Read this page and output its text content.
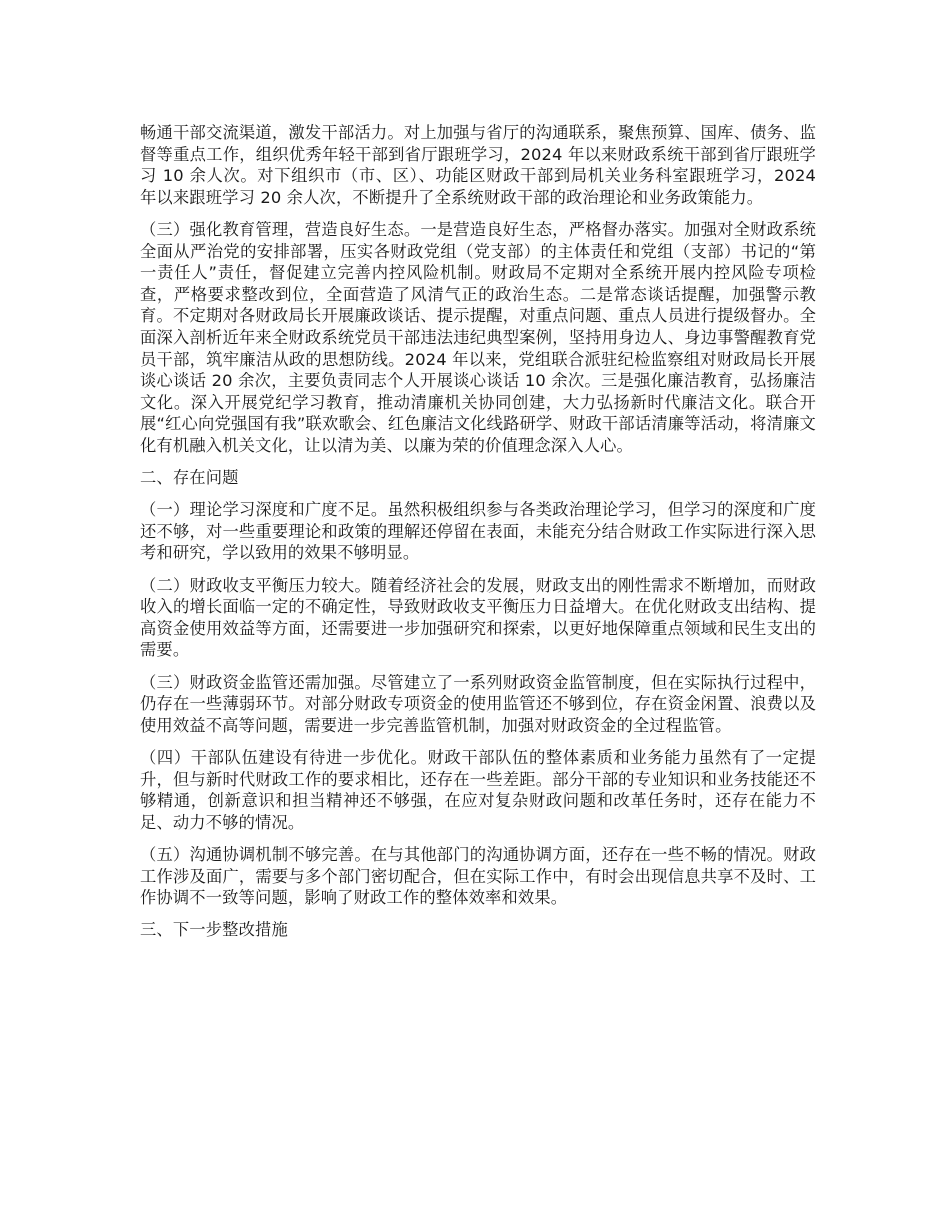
畅通干部交流渠道，激发干部活力。对上加强与省厅的沟通联系，聚焦预算、国库、债务、监督等重点工作，组织优秀年轻干部到省厅跟班学习，2024 年以来财政系统干部到省厅跟班学习 10 余人次。对下组织市（市、区）、功能区财政干部到局机关业务科室跟班学习，2024 年以来跟班学习 20 余人次，不断提升了全系统财政干部的政治理论和业务政策能力。

（三）强化教育管理，营造良好生态。一是营造良好生态，严格督办落实。加强对全财政系统全面从严治党的安排部署，压实各财政党组（党支部）的主体责任和党组（支部）书记的“第一责任人”责任，督促建立完善内控风险机制。财政局不定期对全系统开展内控风险专项检查，严格要求整改到位，全面营造了风清气正的政治生态。二是常态谈话提醒，加强警示教育。不定期对各财政局长开展廉政谈话、提示提醒，对重点问题、重点人员进行提级督办。全面深入剖析近年来全财政系统党员干部违法违纪典型案例，坚持用身边人、身边事警醒教育党员干部，筑牢廉洁从政的思想防线。2024 年以来，党组联合派驻纪检监察组对财政局长开展谈心谈话 20 余次，主要负责同志个人开展谈心谈话 10 余次。三是强化廉洁教育，弘扬廉洁文化。深入开展党纪学习教育，推动清廉机关协同创建，大力弘扬新时代廉洁文化。联合开展“红心向党强国有我”联欢歌会、红色廉洁文化线路研学、财政干部话清廉等活动，将清廉文化有机融入机关文化，让以清为美、以廉为荣的价值理念深入人心。

二、存在问题

（一）理论学习深度和广度不足。虽然积极组织参与各类政治理论学习，但学习的深度和广度还不够，对一些重要理论和政策的理解还停留在表面，未能充分结合财政工作实际进行深入思考和研究，学以致用的效果不够明显。

（二）财政收支平衡压力较大。随着经济社会的发展，财政支出的刚性需求不断增加，而财政收入的增长面临一定的不确定性，导致财政收支平衡压力日益增大。在优化财政支出结构、提高资金使用效益等方面，还需要进一步加强研究和探索，以更好地保障重点领域和民生支出的需要。

（三）财政资金监管还需加强。尽管建立了一系列财政资金监管制度，但在实际执行过程中，仍存在一些薄弱环节。对部分财政专项资金的使用监管还不够到位，存在资金闲置、浪费以及使用效益不高等问题，需要进一步完善监管机制，加强对财政资金的全过程监管。

（四）干部队伍建设有待进一步优化。财政干部队伍的整体素质和业务能力虽然有了一定提升，但与新时代财政工作的要求相比，还存在一些差距。部分干部的专业知识和业务技能还不够精通，创新意识和担当精神还不够强，在应对复杂财政问题和改革任务时，还存在能力不足、动力不够的情况。

（五）沟通协调机制不够完善。在与其他部门的沟通协调方面，还存在一些不畅的情况。财政工作涉及面广，需要与多个部门密切配合，但在实际工作中，有时会出现信息共享不及时、工作协调不一致等问题，影响了财政工作的整体效率和效果。

三、下一步整改措施
